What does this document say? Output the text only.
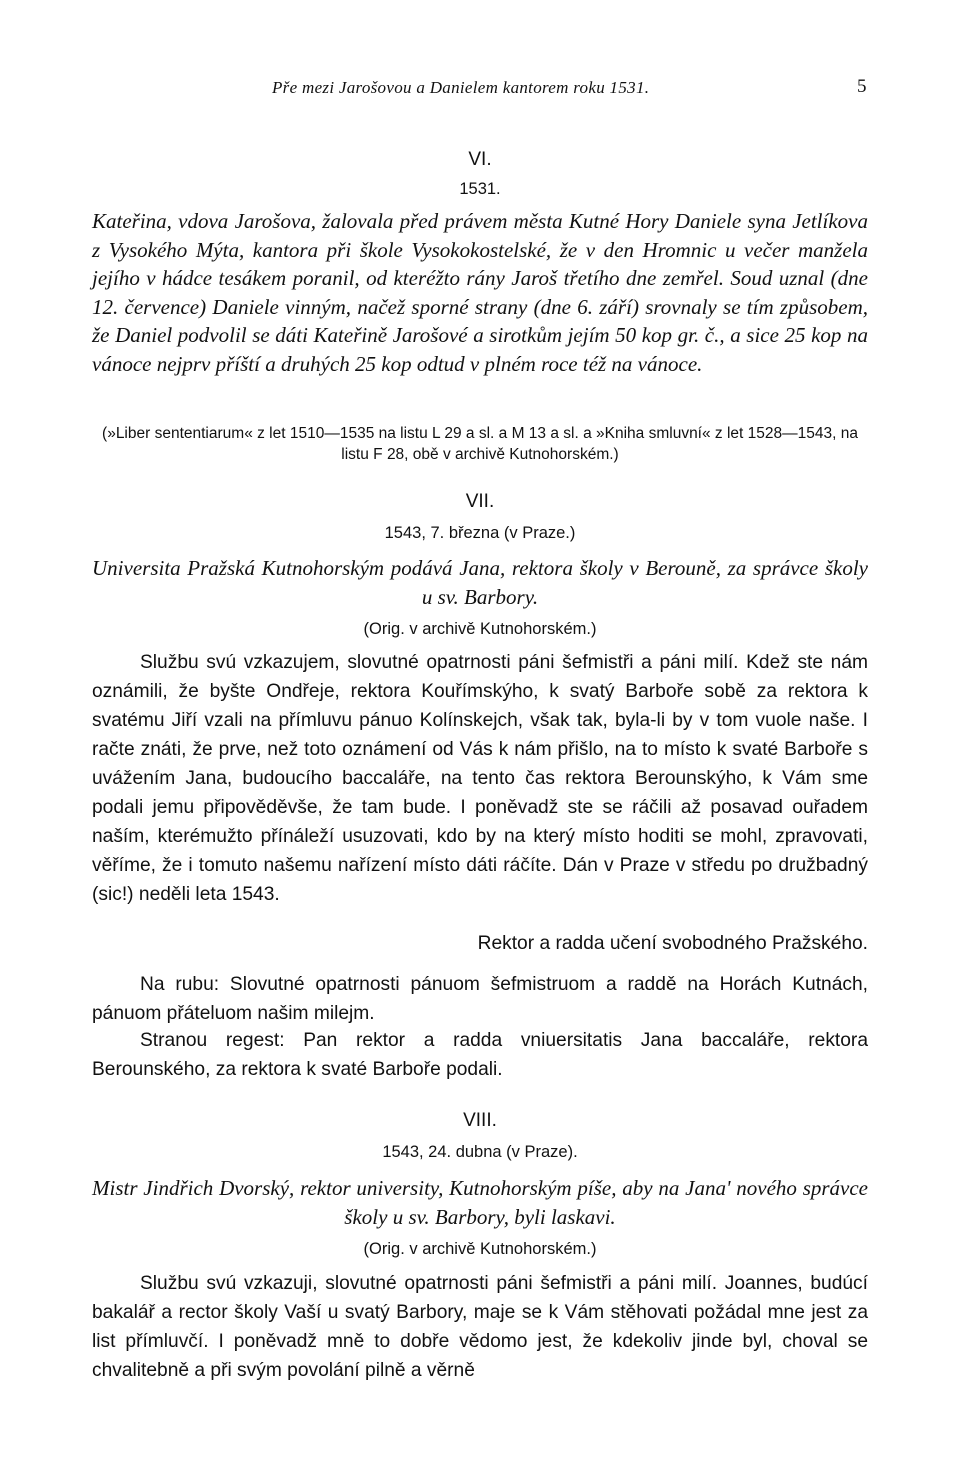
Pře mezi Jarošovou a Danielem kantorem roku 1531.	5
VI.
1531.

Kateřina, vdova Jarošova, žalovala před právem města Kutné Hory Daniele syna Jetlíkova z Vysokého Mýta, kantora při škole Vysokokostelské, že v den Hromnic u večer manžela jejího v hádce tesákem poranil, od kteréžto rány Jaroš třetího dne zemřel. Soud uznal (dne 12. července) Daniele vinným, načež sporné strany (dne 6. září) srovnaly se tím způsobem, že Daniel podvolil se dáti Kateřině Jarošové a sirotkům jejím 50 kop gr. č., a sice 25 kop na vánoce nejprv příští a druhých 25 kop odtud v plném roce též na vánoce.

(»Liber sententiarum« z let 1510—1535 na listu L 29 a sl. a M 13 a sl. a »Kniha smluvní« z let 1528—1543, na listu F 28, obě v archivě Kutnohorském.)

VII.
1543, 7. března (v Praze.)

Universita Pražská Kutnohorským podává Jana, rektora školy v Berouně, za správce školy u sv. Barbory.

(Orig. v archivě Kutnohorském.)

Službu svú vzkazujem, slovutné opatrnosti páni šefmistři a páni milí. Kdež ste nám oznámili, že byšte Ondřeje, rektora Kouřímskýho, k svatý Barboře sobě za rektora k svatému Jiří vzali na přímluvu pánuo Kolínskejch, však tak, byla-li by v tom vuole naše. I račte znáti, že prve, než toto oznámení od Vás k nám přišlo, na to místo k svaté Barboře s uvážením Jana, budoucího baccaláře, na tento čas rektora Berounskýho, k Vám sme podali jemu připověděvše, že tam bude. I poněvadž ste se ráčili až posavad ouřadem naším, kterémužto přínáleží usuzovati, kdo by na který místo hoditi se mohl, zpravovati, věříme, že i tomuto našemu nařízení místo dáti ráčíte. Dán v Praze v středu po družbadný (sic!) neděli leta 1543.

Rektor a radda učení svobodného Pražského.

Na rubu: Slovutné opatrnosti pánuom šefmistruom a raddě na Horách Kutnách, pánuom přáteluom našim milejm.

Stranou regest: Pan rektor a radda vniuersitatis Jana baccaláře, rektora Berounského, za rektora k svaté Barboře podali.

VIII.
1543, 24. dubna (v Praze).

Mistr Jindřich Dvorský, rektor university, Kutnohorským píše, aby na Jana' nového správce školy u sv. Barbory, byli laskavi.

(Orig. v archivě Kutnohorském.)

Službu svú vzkazuji, slovutné opatrnosti páni šefmistři a páni milí. Joannes, budúcí bakalář a rector školy Vaší u svatý Barbory, maje se k Vám stěhovati požádal mne jest za list přímluvčí. I poněvadž mně to dobře vědomo jest, že kdekoliv jinde byl, choval se chvalitebně a při svým povolání pilně a věrně
